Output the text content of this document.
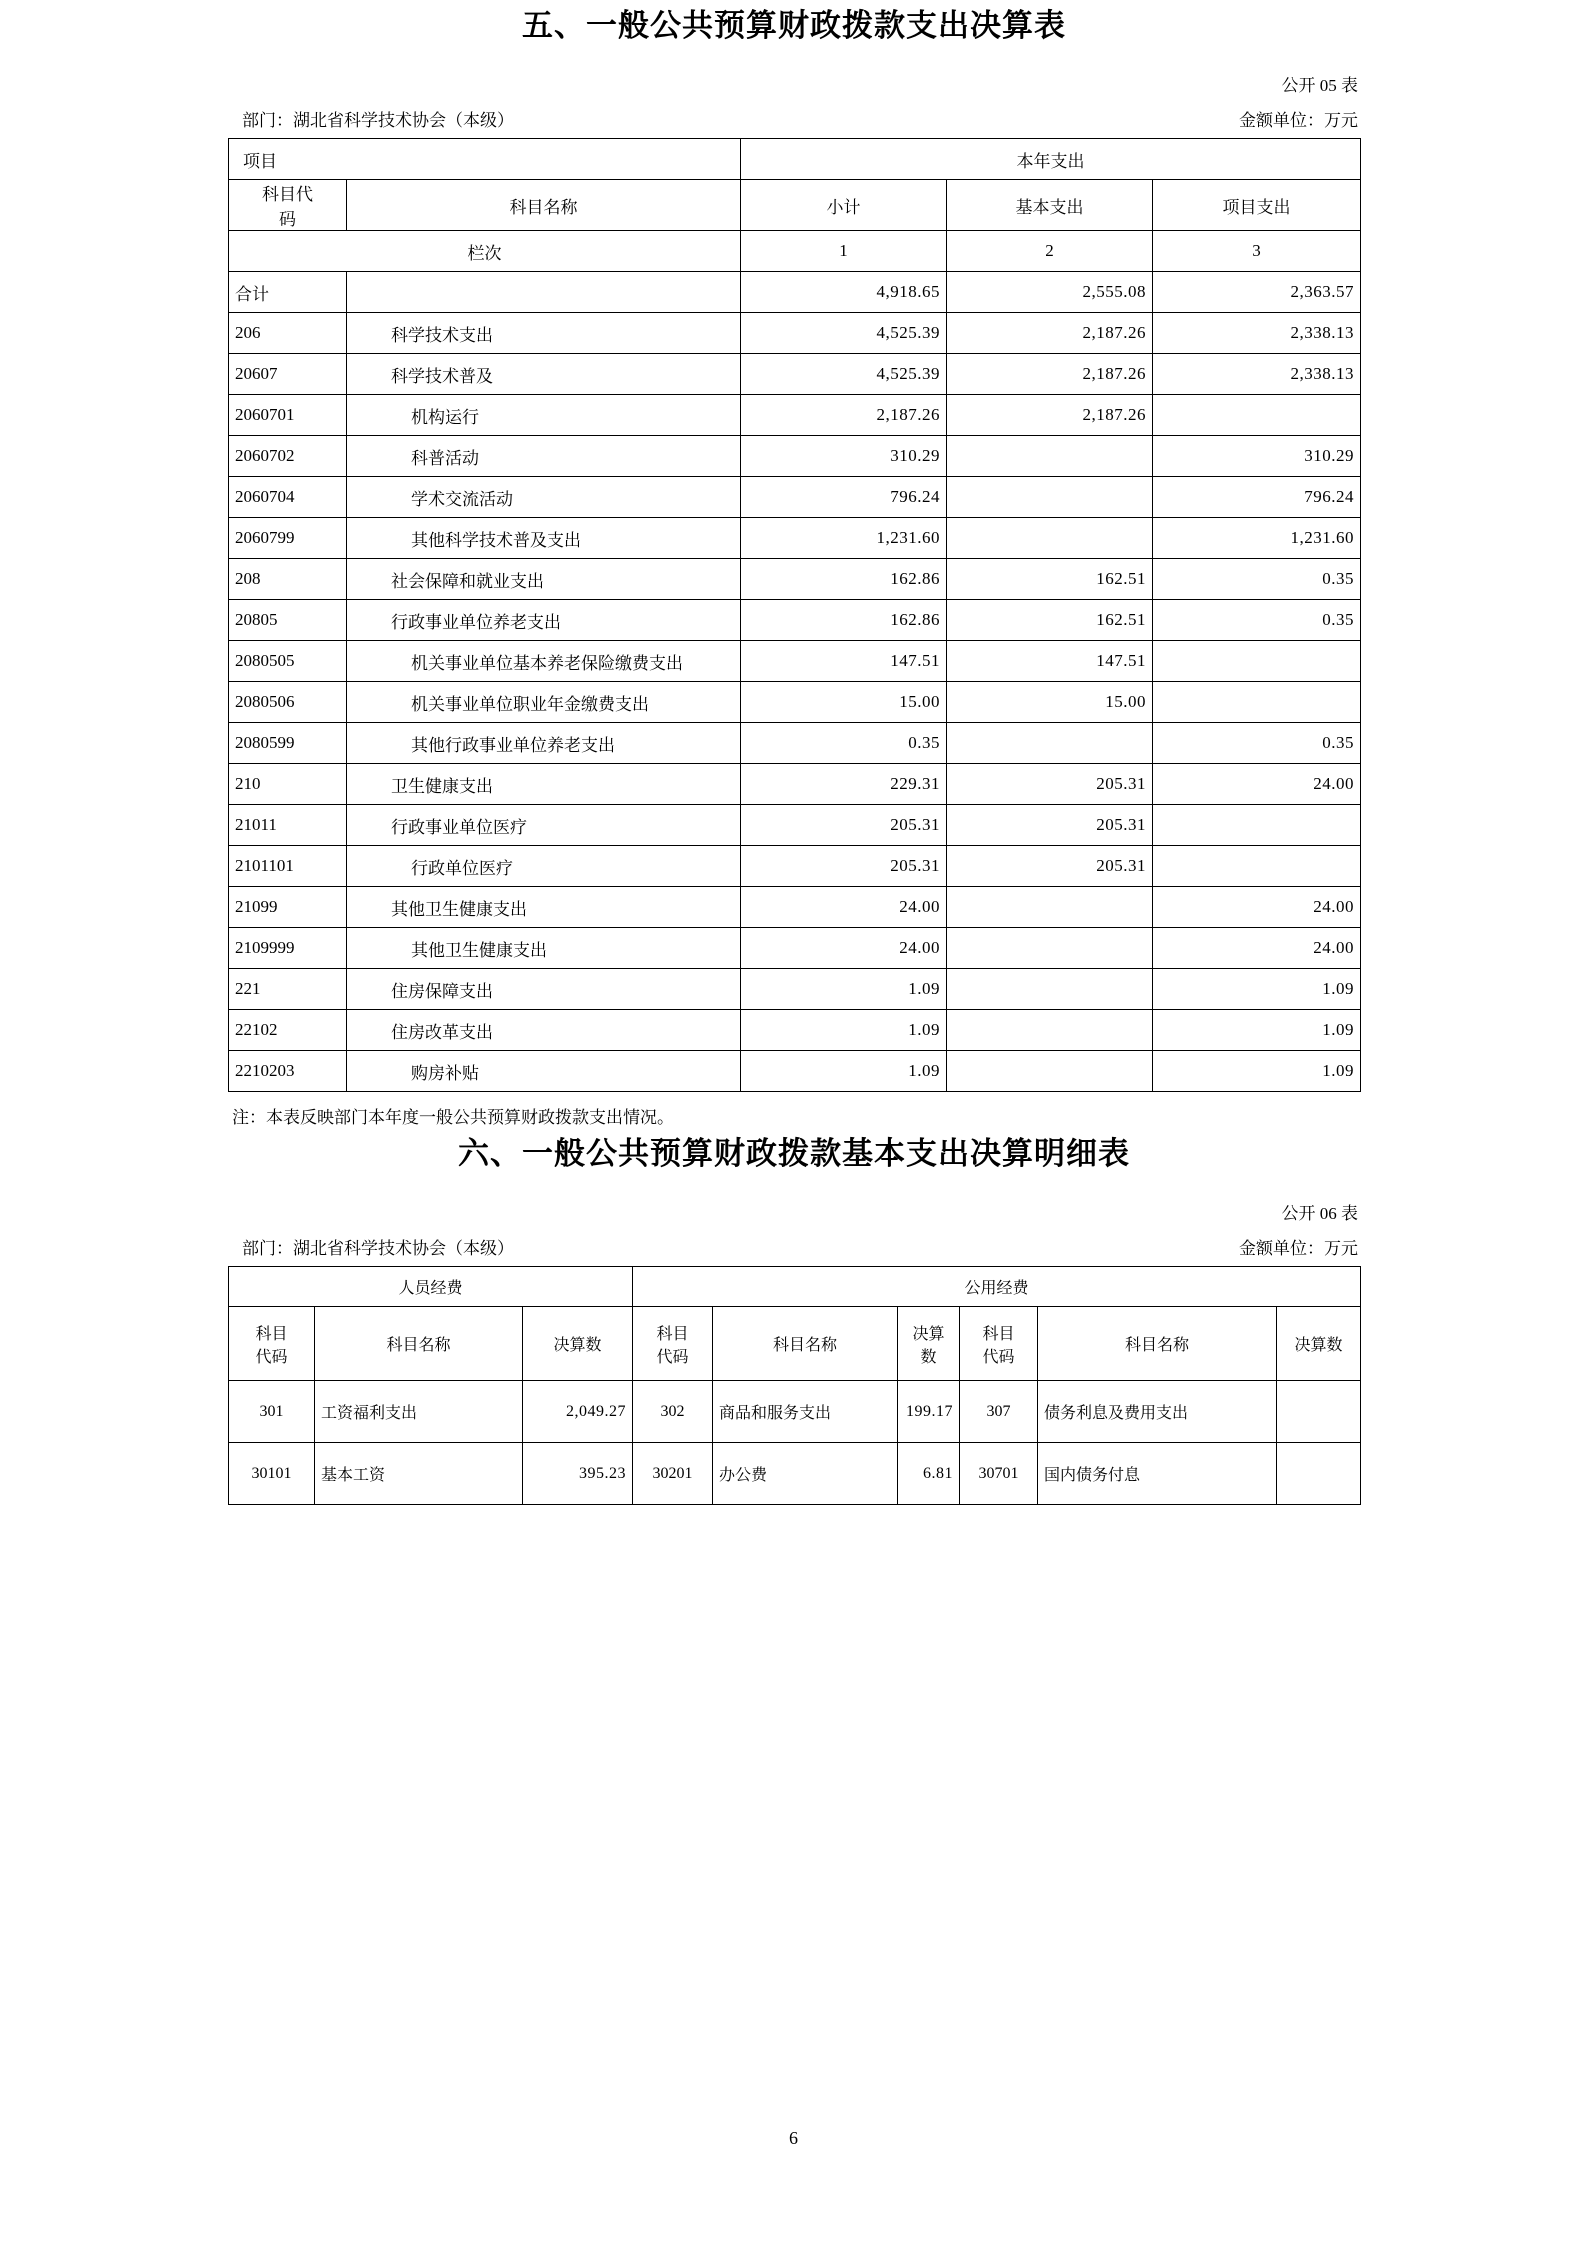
五、一般公共预算财政拨款支出决算表
公开 05 表
部门：湖北省科学技术协会（本级）	金额单位：万元
项目		本年支出		

科目代
码	科目名称	小计	基本支出	项目支出
栏次		1	2	3
合计		4,918.65	2,555.08	2,363.57
206	科学技术支出	4,525.39	2,187.26	2,338.13
20607	科学技术普及	4,525.39	2,187.26	2,338.13
2060701	机构运行	2,187.26	2,187.26	
2060702	科普活动	310.29		310.29
2060704	学术交流活动	796.24		796.24
2060799	其他科学技术普及支出	1,231.60		1,231.60
208	社会保障和就业支出	162.86	162.51	0.35
20805	行政事业单位养老支出	162.86	162.51	0.35
2080505	机关事业单位基本养老保险缴费支出	147.51	147.51	
2080506	机关事业单位职业年金缴费支出	15.00	15.00	
2080599	其他行政事业单位养老支出	0.35		0.35
210	卫生健康支出	229.31	205.31	24.00
21011	行政事业单位医疗	205.31	205.31	
2101101	行政单位医疗	205.31	205.31	
21099	其他卫生健康支出	24.00		24.00
2109999	其他卫生健康支出	24.00		24.00
221	住房保障支出	1.09		1.09
22102	住房改革支出	1.09		1.09
2210203	购房补贴	1.09		1.09
注：本表反映部门本年度一般公共预算财政拨款支出情况。
六、一般公共预算财政拨款基本支出决算明细表
公开 06 表
部门：湖北省科学技术协会（本级）	金额单位：万元
人员经费			公用经费					

科目
代码
	科目名称	决算数	
科目
代码
	科目名称	
决算
数

科目
代码
	科目名称	决算数
301	工资福利支出	2,049.27	302	商品和服务支出	199.17	307	债务利息及费用支出	
30101	基本工资	395.23	30201	办公费	6.81	30701	国内债务付息	
6
